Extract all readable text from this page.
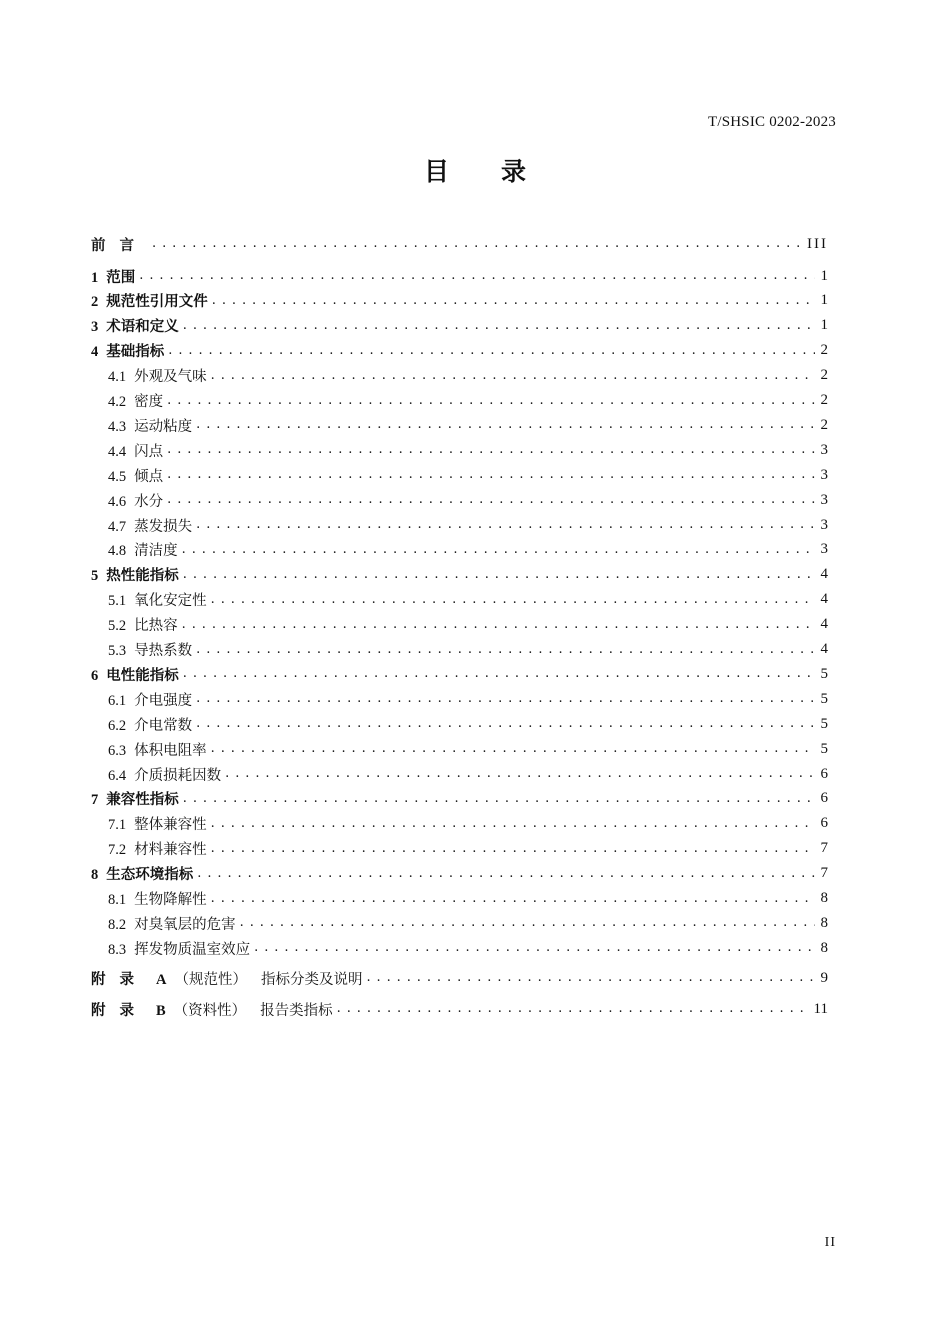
T/SHSIC 0202-2023
目录
前言 . . .	III
1 范围 . . .	1
2 规范性引用文件 . . .	1
3 术语和定义 . . .	1
4 基础指标 . . .	2
4.1 外观及气味 . . .	2
4.2 密度 . . .	2
4.3 运动粘度 . . .	2
4.4 闪点 . . .	3
4.5 倾点 . . .	3
4.6 水分 . . .	3
4.7 蒸发损失 . . .	3
4.8 清洁度 . . .	3
5 热性能指标 . . .	4
5.1 氧化安定性 . . .	4
5.2 比热容 . . .	4
5.3 导热系数 . . .	4
6 电性能指标 . . .	5
6.1 介电强度 . . .	5
6.2 介电常数 . . .	5
6.3 体积电阻率 . . .	5
6.4 介质损耗因数 . . .	6
7 兼容性指标 . . .	6
7.1 整体兼容性 . . .	6
7.2 材料兼容性 . . .	7
8 生态环境指标 . . .	7
8.1 生物降解性 . . .	8
8.2 对臭氧层的危害 . . .	8
8.3 挥发物质温室效应 . . .	8
附 录 A （规范性） 指标分类及说明 . . .	9
附 录 B （资料性） 报告类指标 . . .	11
II
